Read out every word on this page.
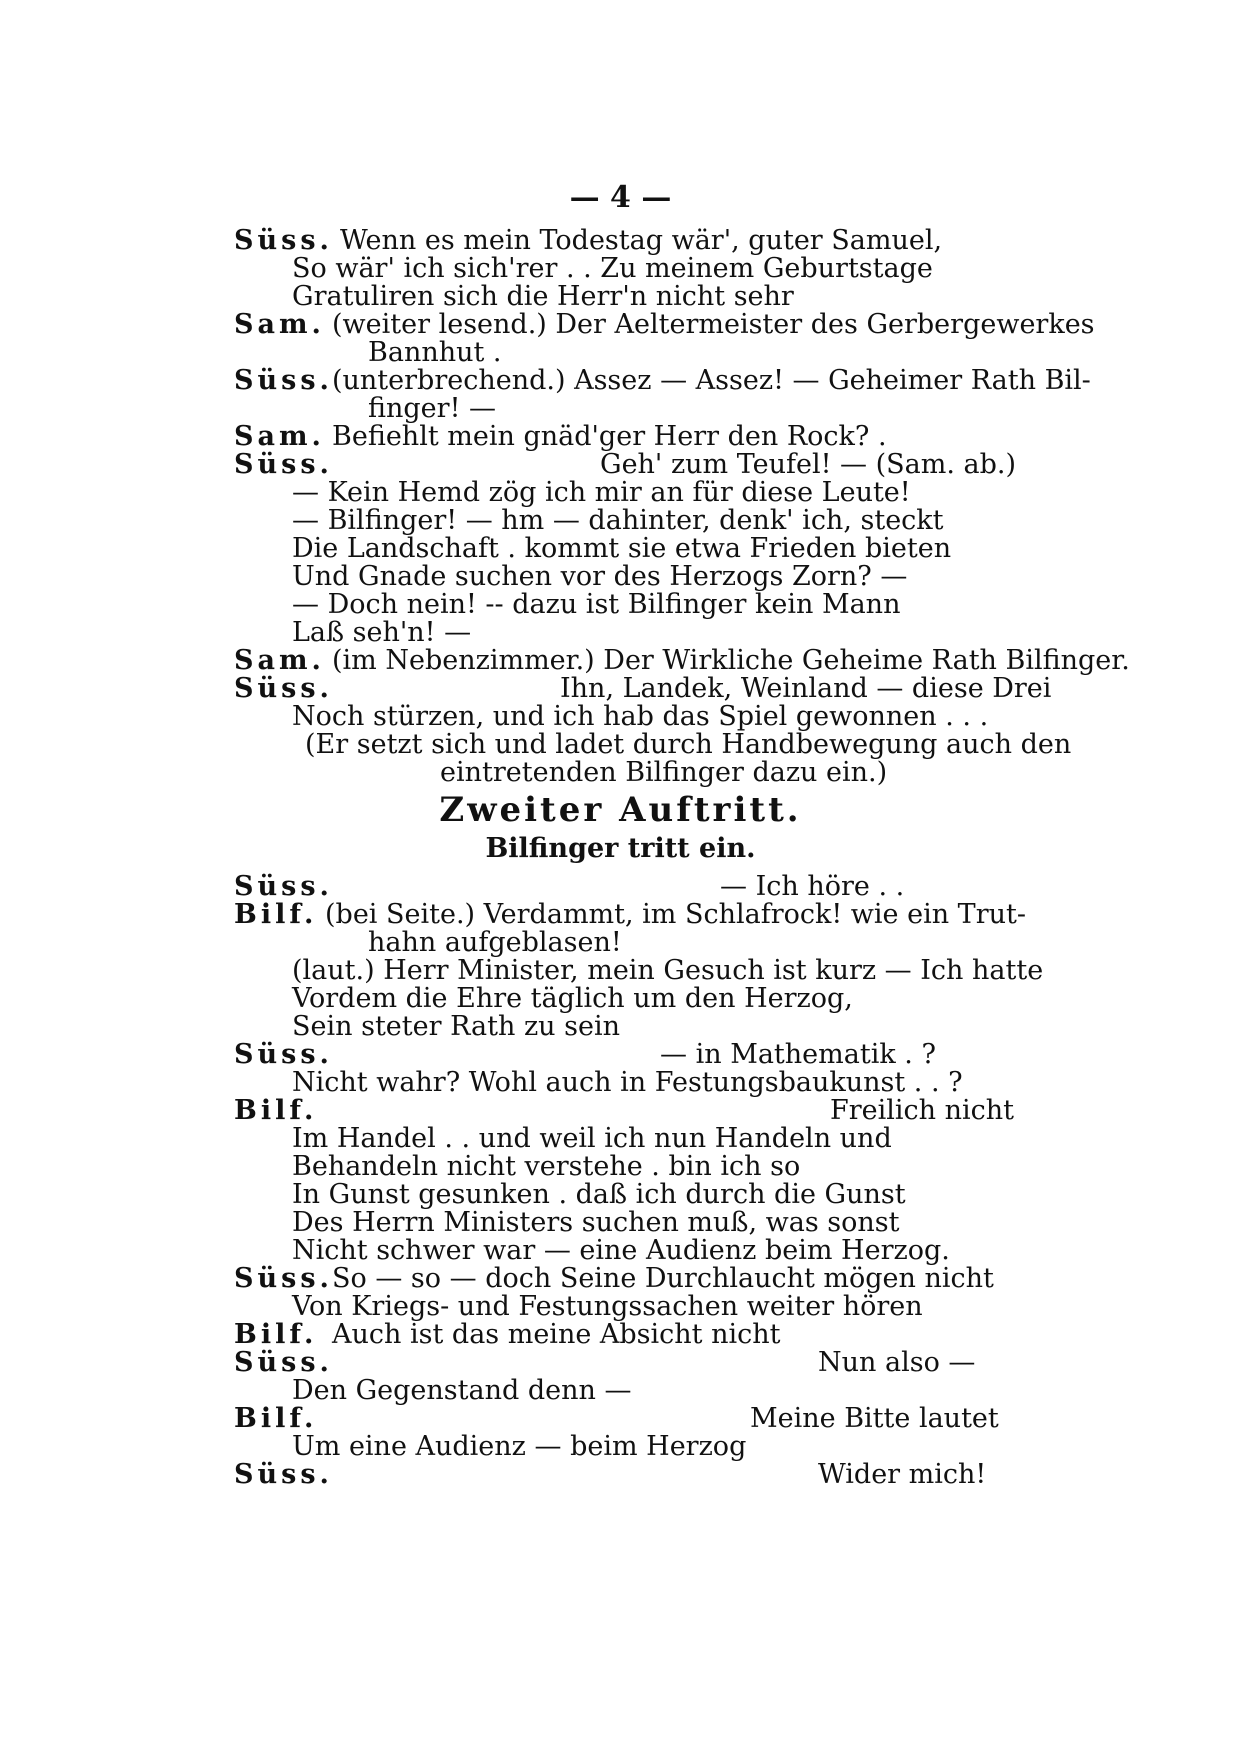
— 4 —
Süss. Wenn es mein Todestag wär', guter Samuel,
So wär' ich sich'rer . . Zu meinem Geburtstage
Gratuliren sich die Herr'n nicht sehr
Sam. (weiter lesend.) Der Aeltermeister des Gerbergewerkes
Bannhut .
Süss. (unterbrechend.) Assez — Assez! — Geheimer Rath Bil-
finger! —
Sam. Befiehlt mein gnäd'ger Herr den Rock? .
Süss.	Geh' zum Teufel! — (Sam. ab.)
— Kein Hemd zög ich mir an für diese Leute!
— Bilfinger! — hm — dahinter, denk' ich, steckt
Die Landschaft . kommt sie etwa Frieden bieten
Und Gnade suchen vor des Herzogs Zorn? —
— Doch nein! -- dazu ist Bilfinger kein Mann
Laß seh'n! —
Sam. (im Nebenzimmer.) Der Wirkliche Geheime Rath Bilfinger.
Süss.	Ihn, Landek, Weinland — diese Drei
Noch stürzen, und ich hab das Spiel gewonnen . . .
(Er setzt sich und ladet durch Handbewegung auch den
eintretenden Bilfinger dazu ein.)
Zweiter Auftritt.
Bilfinger tritt ein.
Süss.	— Ich höre . .
Bilf. (bei Seite.) Verdammt, im Schlafrock! wie ein Trut-
hahn aufgeblasen!
(laut.) Herr Minister, mein Gesuch ist kurz — Ich hatte
Vordem die Ehre täglich um den Herzog,
Sein steter Rath zu sein
Süss.	— in Mathematik . ?
Nicht wahr? Wohl auch in Festungsbaukunst . . ?
Bilf.	Freilich nicht
Im Handel . . und weil ich nun Handeln und
Behandeln nicht verstehe . bin ich so
In Gunst gesunken . daß ich durch die Gunst
Des Herrn Ministers suchen muß, was sonst
Nicht schwer war — eine Audienz beim Herzog.
Süss. So — so — doch Seine Durchlaucht mögen nicht
Von Kriegs- und Festungssachen weiter hören
Bilf. Auch ist das meine Absicht nicht
Süss.	Nun also —
Den Gegenstand denn —
Bilf.	Meine Bitte lautet
Um eine Audienz — beim Herzog
Süss.	Wider mich!
